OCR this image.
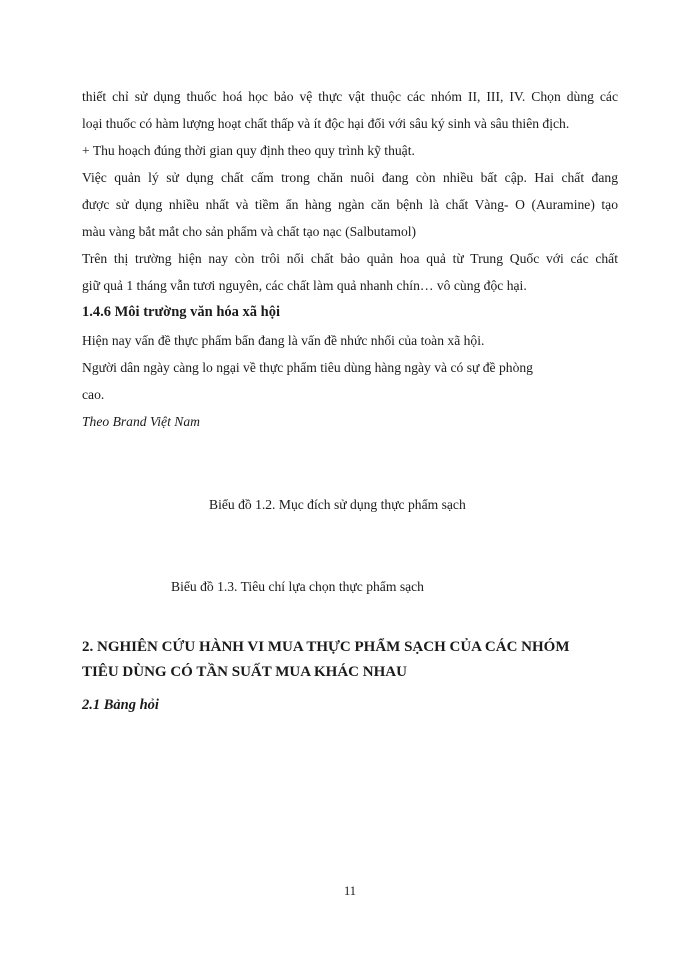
thiết chỉ sử dụng thuốc hoá học bảo vệ thực vật thuộc các nhóm II, III, IV. Chọn dùng các
loại thuốc có hàm lượng hoạt chất thấp và ít độc hại đối với sâu ký sinh và sâu thiên địch.
+ Thu hoạch đúng thời gian quy định theo quy trình kỹ thuật.
Việc quản lý sử dụng chất cấm trong chăn nuôi đang còn nhiều bất cập. Hai chất đang
được sử dụng nhiều nhất và tiềm ẩn hàng ngàn căn bệnh là chất Vàng- O (Auramine) tạo
màu vàng bắt mắt cho sản phẩm và chất tạo nạc (Salbutamol)
Trên thị trường hiện nay còn trôi nổi chất bảo quản hoa quả từ Trung Quốc với các chất
giữ quả 1 tháng vẫn tươi nguyên, các chất làm quả nhanh chín… vô cùng độc hại.
1.4.6 Môi trường văn hóa xã hội
Hiện nay vấn đề thực phẩm bẩn đang là vấn đề nhức nhối của toàn xã hội.
Người dân ngày càng lo ngại về thực phẩm tiêu dùng hàng ngày và có sự đề phòng
cao.
Theo Brand Việt Nam
Biểu đồ 1.2. Mục đích sử dụng thực phẩm sạch
Biểu đồ 1.3. Tiêu chí lựa chọn thực phẩm sạch
2. NGHIÊN CỨU HÀNH VI MUA THỰC PHẨM SẠCH CỦA CÁC NHÓM
TIÊU DÙNG CÓ TẦN SUẤT MUA KHÁC NHAU
2.1 Bảng hỏi
11
